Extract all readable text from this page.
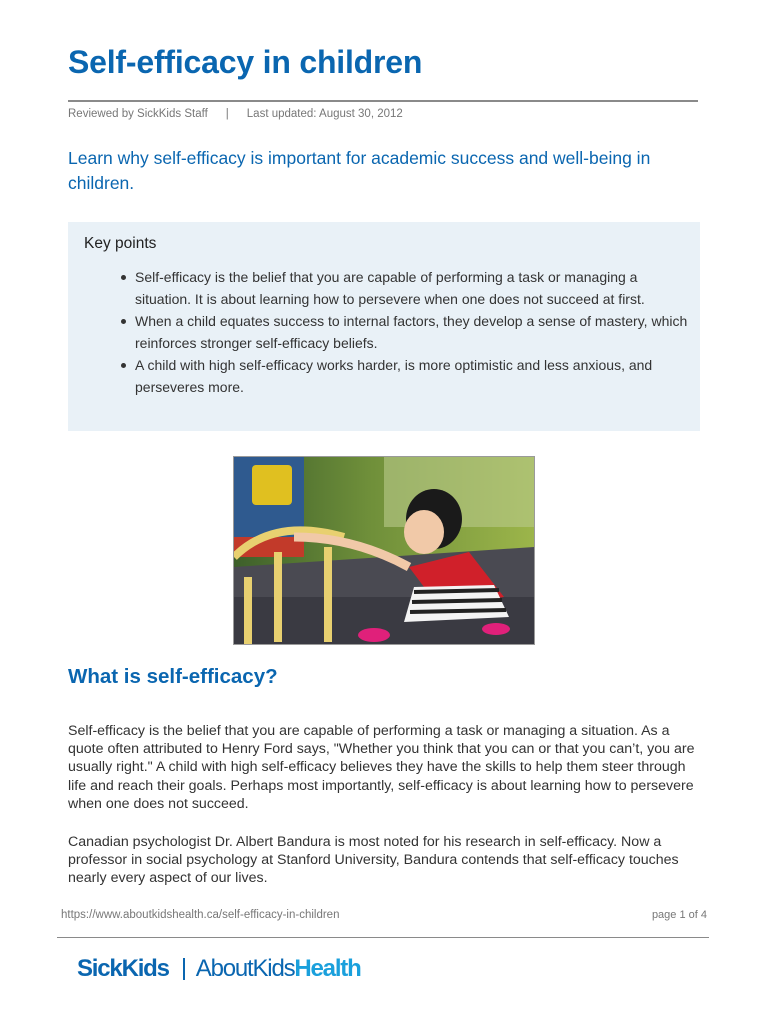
Self-efficacy in children
Reviewed by SickKids Staff | Last updated: August 30, 2012

Learn why self-efficacy is important for academic success and well-being in children.

Key points
Self-efficacy is the belief that you are capable of performing a task or managing a situation. It is about learning how to persevere when one does not succeed at first.
When a child equates success to internal factors, they develop a sense of mastery, which reinforces stronger self-efficacy beliefs.
A child with high self-efficacy works harder, is more optimistic and less anxious, and perseveres more.
What is self-efficacy?

Self-efficacy is the belief that you are capable of performing a task or managing a situation. As a quote often attributed to Henry Ford says, "Whether you think that you can or that you can’t, you are usually right." A child with high self-efficacy believes they have the skills to help them steer through life and reach their goals. Perhaps most importantly, self-efficacy is about learning how to persevere when one does not succeed.

Canadian psychologist Dr. Albert Bandura is most noted for his research in self-efficacy. Now a professor in social psychology at Stanford University, Bandura contends that self-efficacy touches nearly every aspect of our lives.

https://www.aboutkidshealth.ca/self-efficacy-in-children	page 1 of 4
SickKids AboutKids Health
